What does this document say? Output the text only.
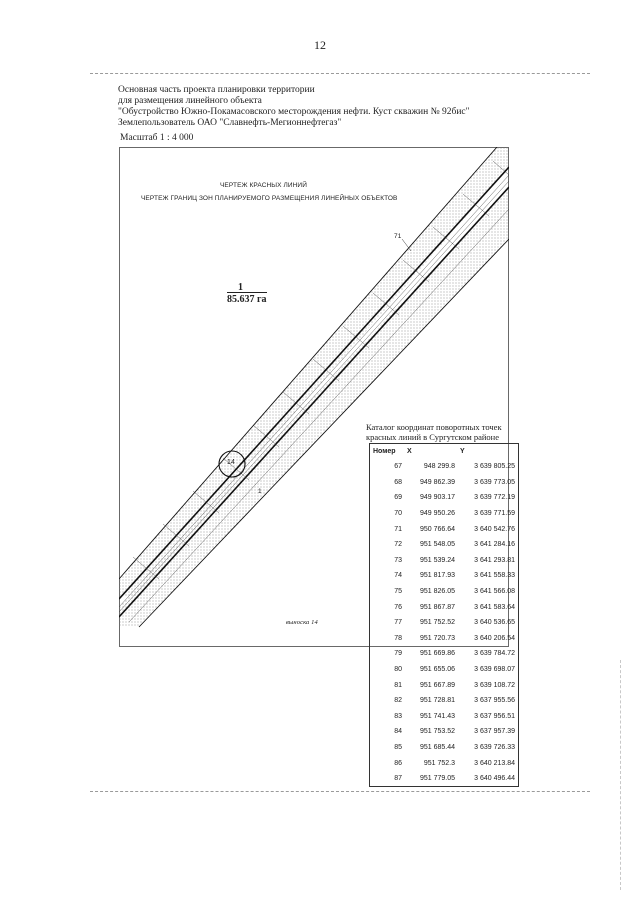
12
Основная часть проекта планировки территории
для размещения линейного объекта
"Обустройство Южно-Покамасовского месторождения нефти. Куст скважин № 92бис"
Землепользователь ОАО "Славнефть-Мегионнефтегаз"
Масштаб 1 : 4 000
ЧЕРТЕЖ КРАСНЫХ ЛИНИЙ
ЧЕРТЕЖ ГРАНИЦ ЗОН ПЛАНИРУЕМОГО РАЗМЕЩЕНИЯ ЛИНЕЙНЫХ ОБЪЕКТОВ
71
14
1
вынoска 14
1
85.637 га
Каталог координат поворотных точек
красных линий в Сургутском районе
Номер	X	Y
67	948 299.8	3 639 805.25
68	949 862.39	3 639 773.05
69	949 903.17	3 639 772.19
70	949 950.26	3 639 771.59
71	950 766.64	3 640 542.76
72	951 548.05	3 641 284.16
73	951 539.24	3 641 293.81
74	951 817.93	3 641 558.33
75	951 826.05	3 641 566.08
76	951 867.87	3 641 583.64
77	951 752.52	3 640 536.65
78	951 720.73	3 640 206.54
79	951 669.86	3 639 784.72
80	951 655.06	3 639 698.07
81	951 667.89	3 639 108.72
82	951 728.81	3 637 955.56
83	951 741.43	3 637 956.51
84	951 753.52	3 637 957.39
85	951 685.44	3 639 726.33
86	951 752.3	3 640 213.84
87	951 779.05	3 640 496.44
